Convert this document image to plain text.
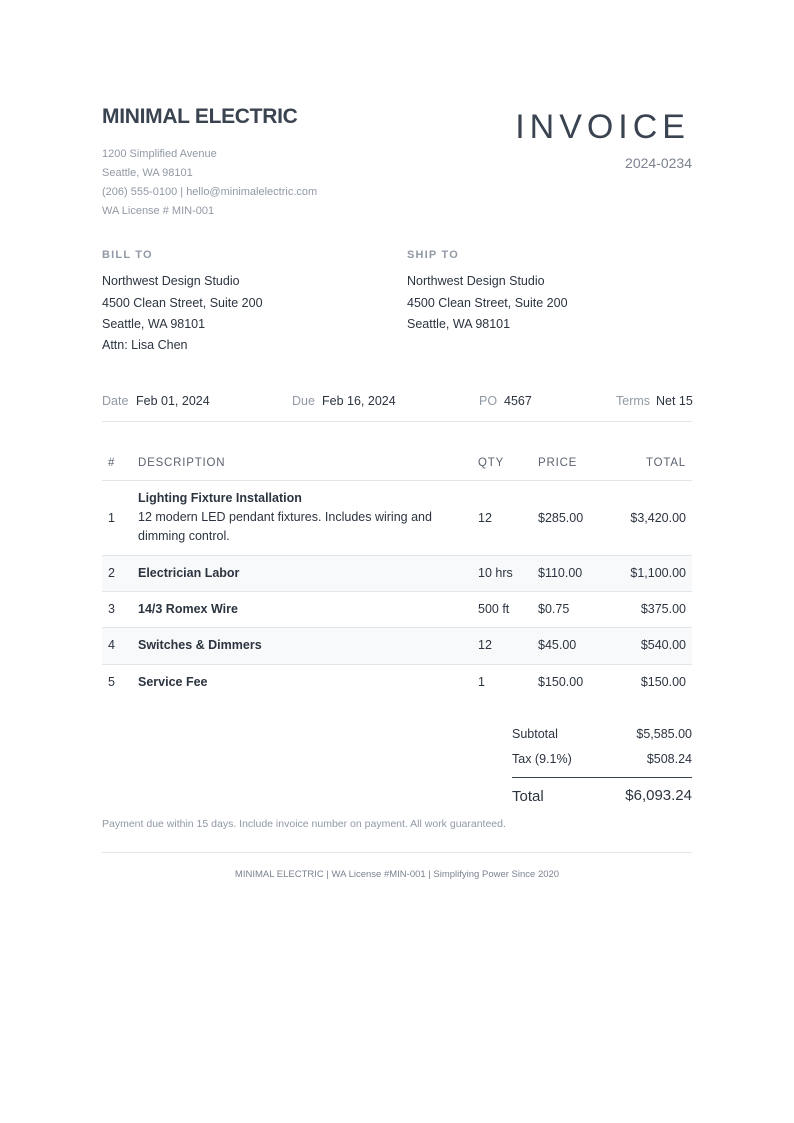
MINIMAL ELECTRIC
1200 Simplified Avenue
Seattle, WA 98101
(206) 555-0100 | hello@minimalelectric.com
WA License # MIN-001
INVOICE
2024-0234
BILL TO
Northwest Design Studio
4500 Clean Street, Suite 200
Seattle, WA 98101
Attn: Lisa Chen
SHIP TO
Northwest Design Studio
4500 Clean Street, Suite 200
Seattle, WA 98101
Date Feb 01, 2024	Due Feb 16, 2024	PO 4567	Terms Net 15
# DESCRIPTION	QTY	PRICE	TOTAL
1
Lighting Fixture Installation
12 modern LED pendant fixtures. Includes wiring and dimming control.
12	$285.00	$3,420.00
2 Electrician Labor	10 hrs $110.00	$1,100.00
3 14/3 Romex Wire	500 ft $0.75	$375.00
4 Switches & Dimmers	12	$45.00	$540.00
5 Service Fee	1	$150.00	$150.00
Subtotal	$5,585.00
Tax (9.1%)	$508.24
Total	$6,093.24
Payment due within 15 days. Include invoice number on payment. All work guaranteed.
MINIMAL ELECTRIC | WA License #MIN-001 | Simplifying Power Since 2020
